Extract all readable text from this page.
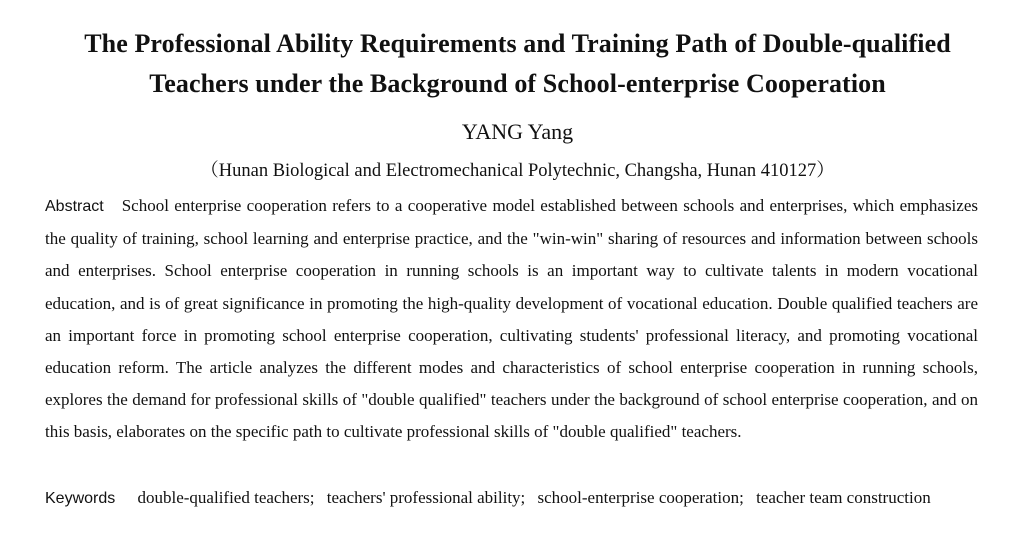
The Professional Ability Requirements and Training Path of Double-qualified
Teachers under the Background of School-enterprise Cooperation
YANG Yang
（Hunan Biological and Electromechanical Polytechnic, Changsha, Hunan 410127）
Abstract School enterprise cooperation refers to a cooperative model established between schools and enterprises, which emphasizes the quality of training, school learning and enterprise practice, and the "win-win" sharing of resources and information between schools and enterprises. School enterprise cooperation in running schools is an important way to cultivate talents in modern vocational education, and is of great significance in promoting the high-quality development of vocational education. Double qualified teachers are an important force in promoting school enterprise cooperation, cultivating students' professional literacy, and promoting vocational education reform. The article analyzes the different modes and characteristics of school enterprise cooperation in running schools, explores the demand for professional skills of "double qualified" teachers under the background of school enterprise cooperation, and on this basis, elaborates on the specific path to cultivate professional skills of "double qualified" teachers.
Keywords double-qualified teachers; teachers' professional ability; school-enterprise cooperation; teacher team construction
